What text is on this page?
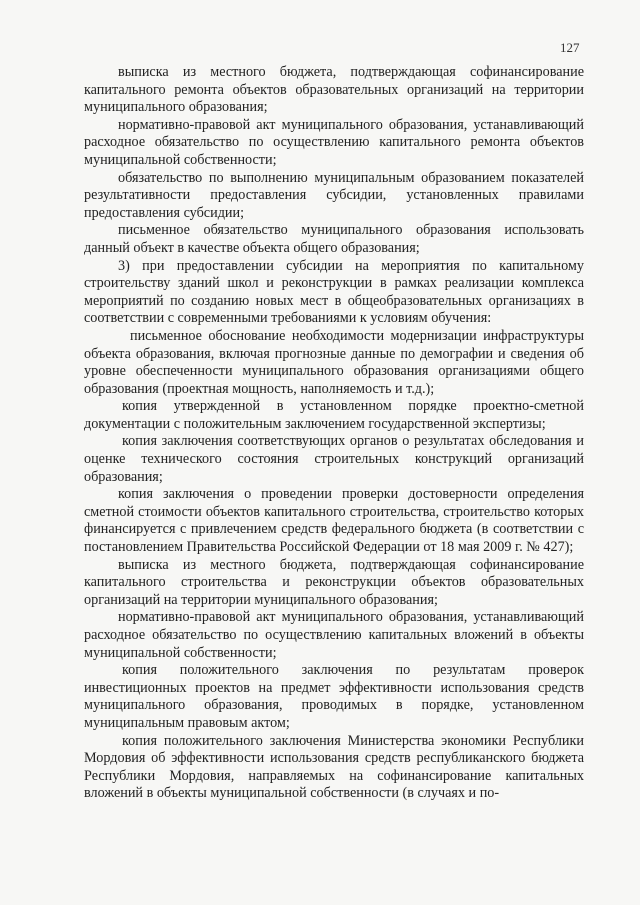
127

выписка из местного бюджета, подтверждающая софинансирование капитального ремонта объектов образовательных организаций на территории муниципального образования;

нормативно-правовой акт муниципального образования, устанавливающий расходное обязательство по осуществлению капитального ремонта объектов муниципальной собственности;

обязательство по выполнению муниципальным образованием показателей результативности предоставления субсидии, установленных правилами предоставления субсидии;

письменное обязательство муниципального образования использовать данный объект в качестве объекта общего образования;

3) при предоставлении субсидии на мероприятия по капитальному строительству зданий школ и реконструкции в рамках реализации комплекса мероприятий по созданию новых мест в общеобразовательных организациях в соответствии с современными требованиями к условиям обучения:

письменное обоснование необходимости модернизации инфраструктуры объекта образования, включая прогнозные данные по демографии и сведения об уровне обеспеченности муниципального образования организациями общего образования (проектная мощность, наполняемость и т.д.);

копия утвержденной в установленном порядке проектно-сметной документации с положительным заключением государственной экспертизы;

копия заключения соответствующих органов о результатах обследования и оценке технического состояния строительных конструкций организаций образования;

копия заключения о проведении проверки достоверности определения сметной стоимости объектов капитального строительства, строительство которых финансируется с привлечением средств федерального бюджета (в соответствии с постановлением Правительства Российской Федерации от 18 мая 2009 г. № 427);

выписка из местного бюджета, подтверждающая софинансирование капитального строительства и реконструкции объектов образовательных организаций на территории муниципального образования;

нормативно-правовой акт муниципального образования, устанавливающий расходное обязательство по осуществлению капитальных вложений в объекты муниципальной собственности;

копия положительного заключения по результатам проверок инвестиционных проектов на предмет эффективности использования средств муниципального образования, проводимых в порядке, установленном муниципальным правовым актом;

копия положительного заключения Министерства экономики Республики Мордовия об эффективности использования средств республиканского бюджета Республики Мордовия, направляемых на софинансирование капитальных вложений в объекты муниципальной собственности (в случаях и по-
